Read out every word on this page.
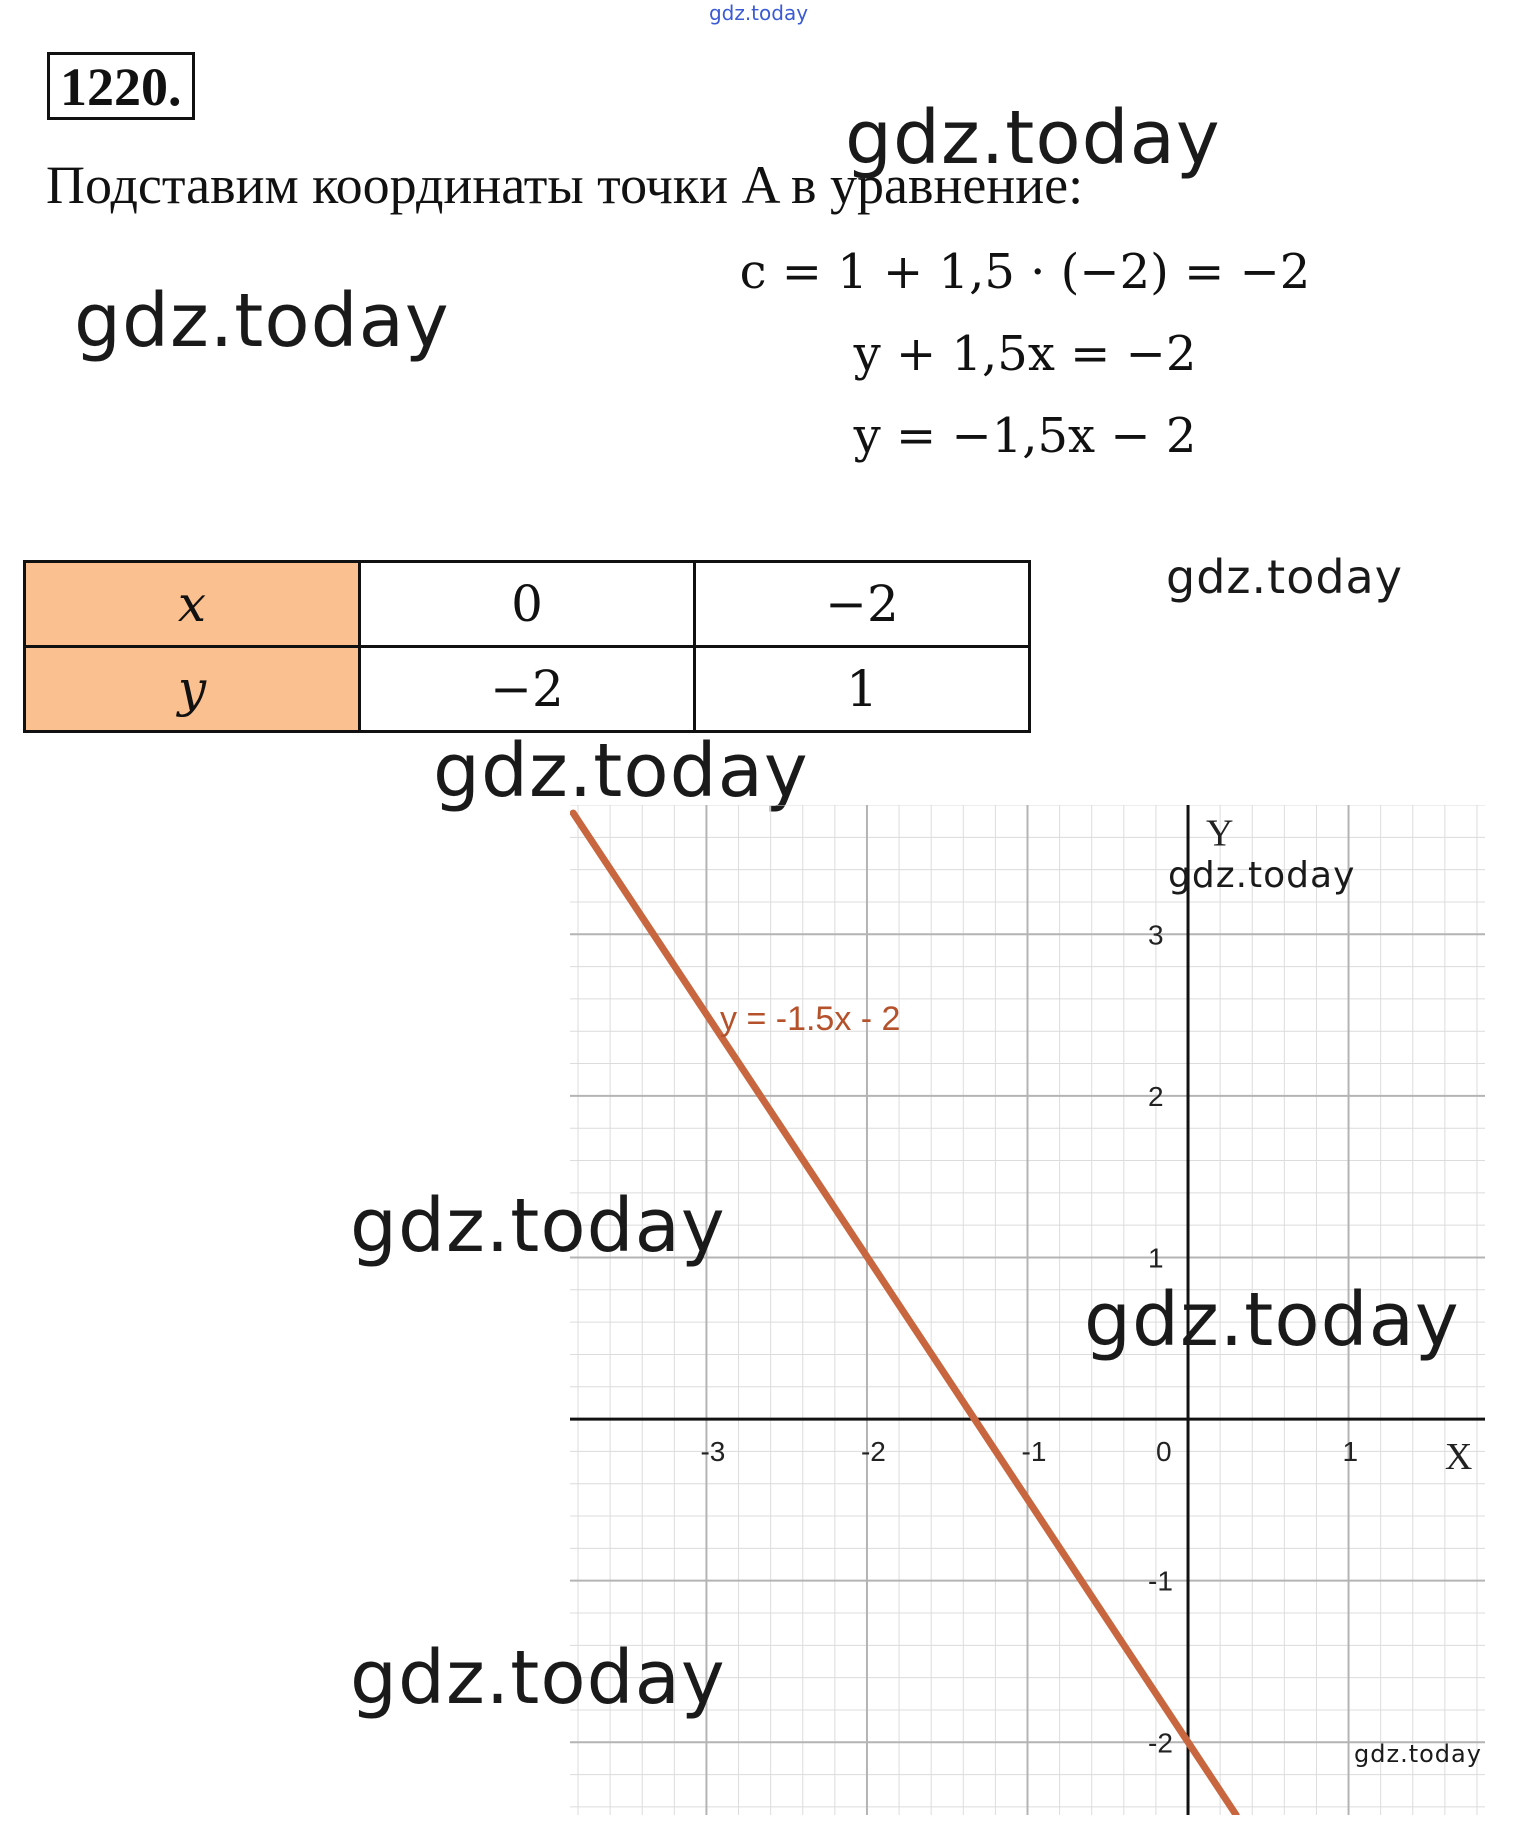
gdz.today
1220.
Подставим координаты точки A в уравнение:
c = 1 + 1,5 · (−2) = −2
y + 1,5x = −2
y = −1,5x − 2
x	0	−2
y	−2	1
gdz.today
gdz.today
gdz.today
gdz.today
-3	-2	-1	0	1
3
2
1
-1
-2
y = -1.5x - 2
X
Y
gdz.today
gdz.today
gdz.today
gdz.today
gdz.today
